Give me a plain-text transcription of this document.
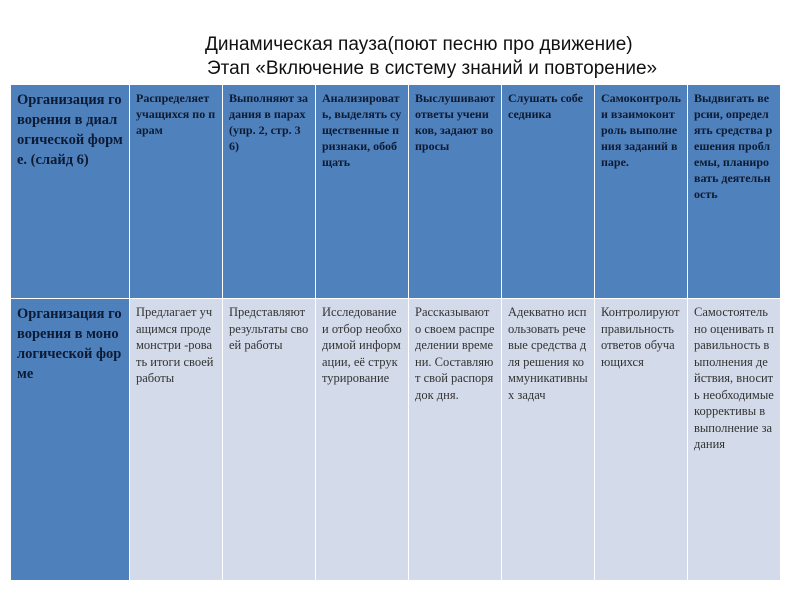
Динамическая пауза(поют песню про движение)
Этап «Включение в систему знаний и повторение»
Организация говорения в диалогической форме. (слайд 6)	Распределяет учащихся по парам	Выполняют задания в парах (упр. 2, стр. 36)	Анализировать, выделять существенные признаки, обобщать	Выслушивают ответы учеников, задают вопросы	Слушать собеседника	Самоконтроль и взаимоконтроль выполнения заданий в паре.	Выдвигать версии, определять средства решения проблемы, планировать деятельность
Организация говорения в монологической форме	Предлагает учащимся продемонстри -ровать итоги своей работы	Представляют результаты своей работы	Исследование и отбор необходимой информации, её структурирование	Рассказывают о своем распределении времени. Составляют свой распорядок дня.	Адекватно использовать речевые средства для решения коммуникативных задач	Контролируют правильность ответов обучающихся	Самостоятельно оценивать правильность выполнения действия, вносить необходимые коррективы в выполнение задания
